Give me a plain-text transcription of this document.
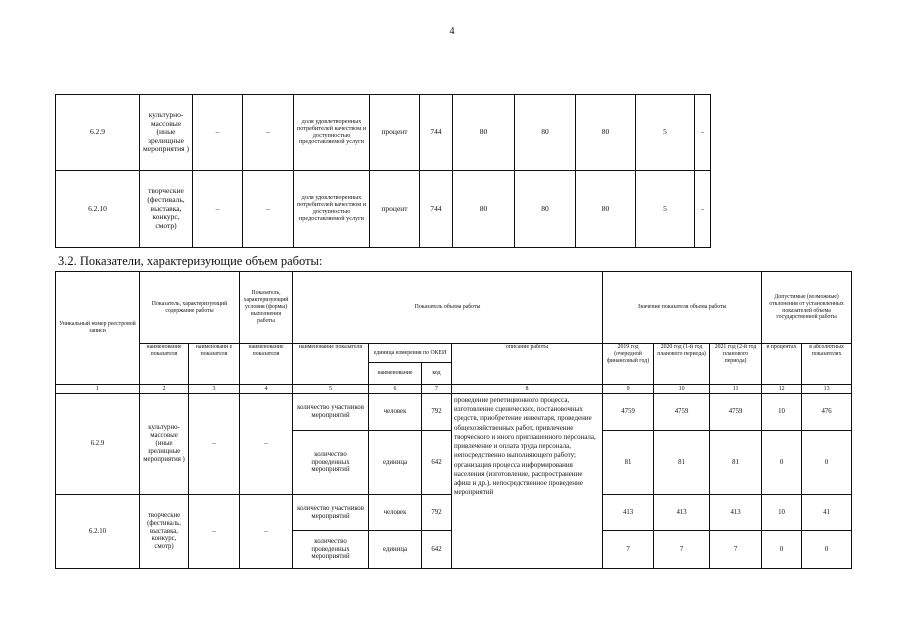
4
6.2.9	культурно-массовые (иные зрелищные мероприятия )	–	–	доля удовлетворенных потребителей качеством и доступностью предоставляемой услуги	процент	744	80	80	80	5	-
6.2.10	творческие (фестиваль, выставка, конкурс, смотр)	–	–	доля удовлетворенных потребителей качеством и доступностью предоставляемой услуги	процент	744	80	80	80	5	-
3.2. Показатели, характеризующие объем работы:
Уникальный номер реестровой записи	Показатель, характеризующий содержание работы		Показатель, характеризующий условия (формы) выполнения работы	Показатель объема работы				Значение показателя объема работы			Допустимые (возможные) отклонения от установленных показателей объема государственной работы	
	наименование показателя	наименовани е показателя	наименование показателя	наименование показателя	единица измерения по ОКЕИ		описание работы	2019 год (очередной финансовый год)	2020 год (1-й год планового периода)	2021 год (2-й год планового периода)	в процентах	в абсолютных показателях
					наименование	код						
1	2	3	4	5	6	7	8	9	10	11	12	13
6.2.9	культурно-массовые (иные зрелищные мероприятия )	–	–	количество участников мероприятий	человек	792	проведение репетиционного процесса, изготовление сценических, постановочных средств, приобретение инвентаря, проведение общехозяйственных работ, привлечение творческого и иного приглашенного персонала, привлечение и оплата труда персонала, непосредственно выполняющего работу; организация процесса информирования населения (изготовление, распространение афиш и др.), непосредственное проведение мероприятий	4759	4759	4759	10	476
				количество проведенных мероприятий	единица	642		81	81	81	0	0
6.2.10	творческие (фестиваль, выставка, конкурс, смотр)	–	–	количество участников мероприятий	человек	792		413	413	413	10	41
				количество проведенных мероприятий	единица	642		7	7	7	0	0
